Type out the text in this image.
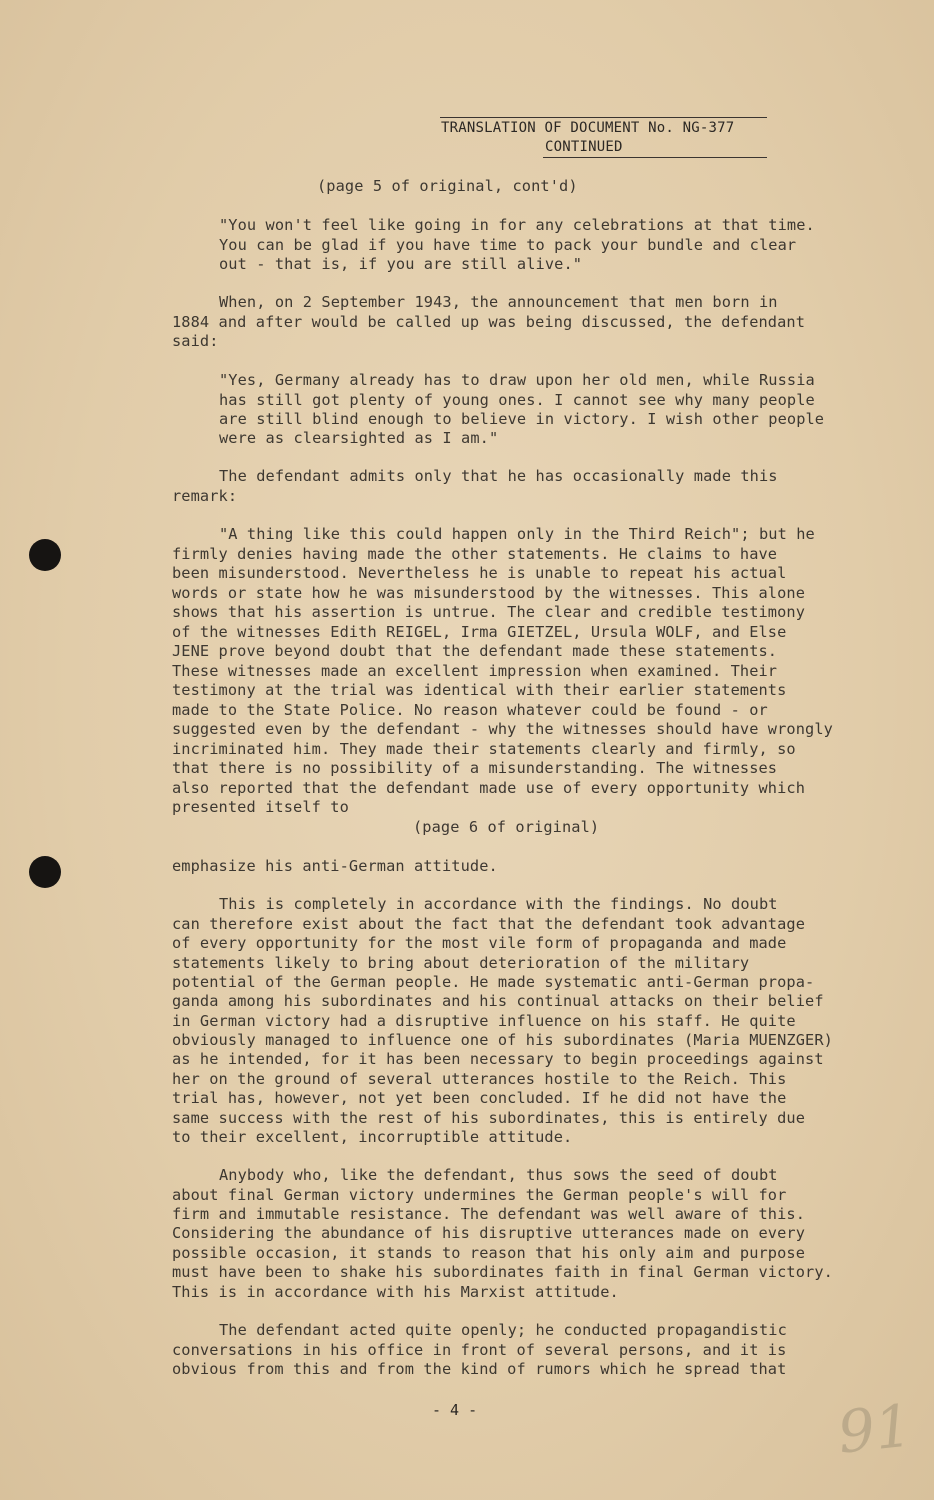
TRANSLATION OF DOCUMENT No. NG-377
CONTINUED
(page 5 of original, cont'd)
"You won't feel like going in for any celebrations at that time.
You can be glad if you have time to pack your bundle and clear
out - that is, if you are still alive."
When, on 2 September 1943, the announcement that men born in
1884 and after would be called up was being discussed, the defendant
said:
"Yes, Germany already has to draw upon her old men, while Russia
has still got plenty of young ones. I cannot see why many people
are still blind enough to believe in victory. I wish other people
were as clearsighted as I am."
The defendant admits only that he has occasionally made this
remark:
"A thing like this could happen only in the Third Reich"; but he
firmly denies having made the other statements. He claims to have
been misunderstood. Nevertheless he is unable to repeat his actual
words or state how he was misunderstood by the witnesses. This alone
shows that his assertion is untrue. The clear and credible testimony
of the witnesses Edith REIGEL, Irma GIETZEL, Ursula WOLF, and Else
JENE prove beyond doubt that the defendant made these statements.
These witnesses made an excellent impression when examined. Their
testimony at the trial was identical with their earlier statements
made to the State Police. No reason whatever could be found - or
suggested even by the defendant - why the witnesses should have wrongly
incriminated him. They made their statements clearly and firmly, so
that there is no possibility of a misunderstanding. The witnesses
also reported that the defendant made use of every opportunity which
presented itself to
(page 6 of original)
emphasize his anti-German attitude.
This is completely in accordance with the findings. No doubt
can therefore exist about the fact that the defendant took advantage
of every opportunity for the most vile form of propaganda and made
statements likely to bring about deterioration of the military
potential of the German people. He made systematic anti-German propa-
ganda among his subordinates and his continual attacks on their belief
in German victory had a disruptive influence on his staff. He quite
obviously managed to influence one of his subordinates (Maria MUENZGER)
as he intended, for it has been necessary to begin proceedings against
her on the ground of several utterances hostile to the Reich. This
trial has, however, not yet been concluded. If he did not have the
same success with the rest of his subordinates, this is entirely due
to their excellent, incorruptible attitude.
Anybody who, like the defendant, thus sows the seed of doubt
about final German victory undermines the German people's will for
firm and immutable resistance. The defendant was well aware of this.
Considering the abundance of his disruptive utterances made on every
possible occasion, it stands to reason that his only aim and purpose
must have been to shake his subordinates faith in final German victory.
This is in accordance with his Marxist attitude.
The defendant acted quite openly; he conducted propagandistic
conversations in his office in front of several persons, and it is
obvious from this and from the kind of rumors which he spread that
- 4 -	91
